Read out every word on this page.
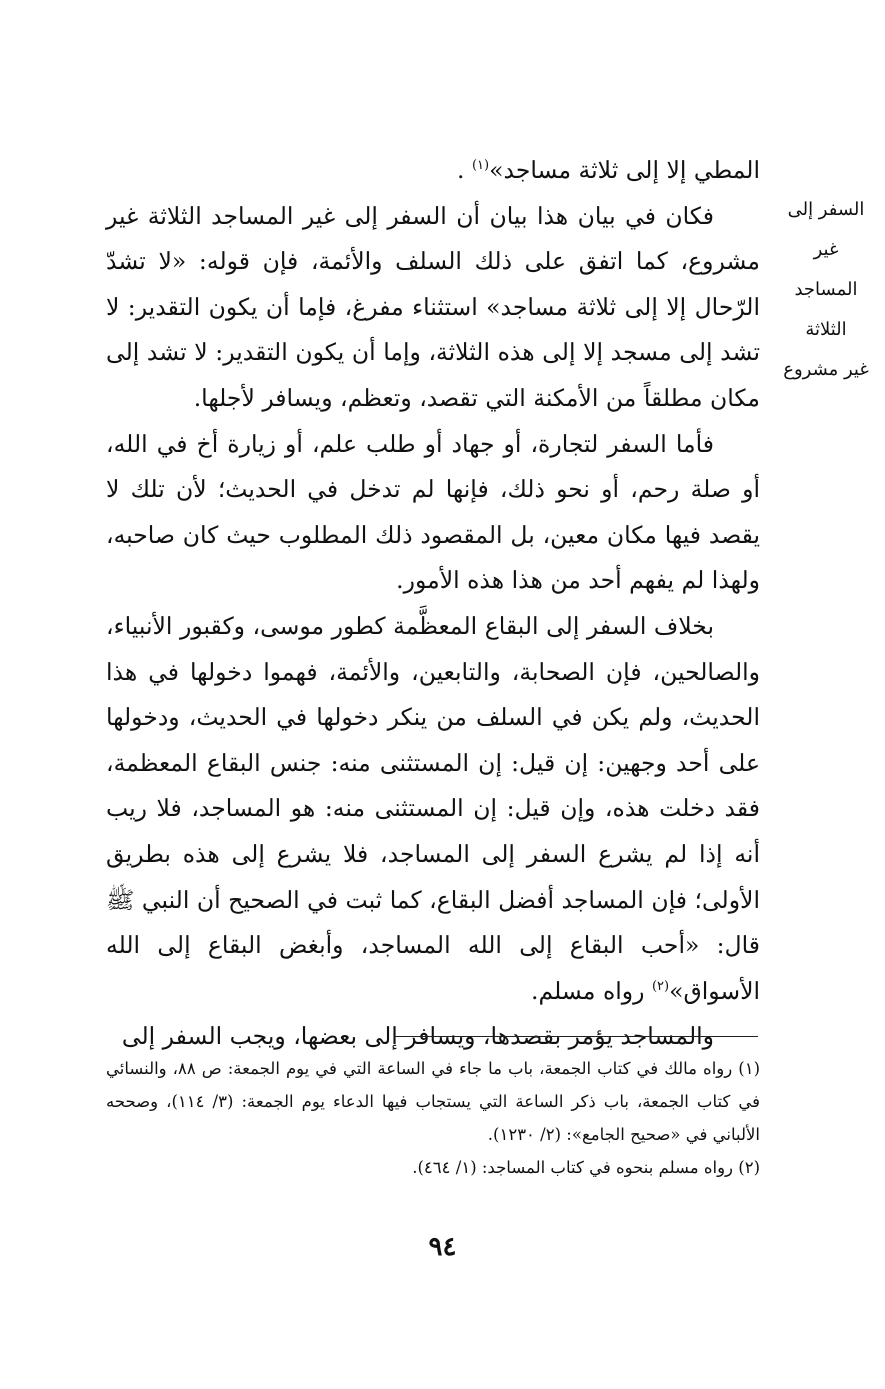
السفر إلى غير
المساجد الثلاثة
غير مشروع

المطي إلا إلى ثلاثة مساجد»$^{(١)}$ .

فكان في بيان هذا بيان أن السفر إلى غير المساجد الثلاثة غير مشروع، كما اتفق على ذلك السلف والأئمة، فإن قوله: «لا تشدّ الرّحال إلا إلى ثلاثة مساجد» استثناء مفرغ، فإما أن يكون التقدير: لا تشد إلى مسجد إلا إلى هذه الثلاثة، وإما أن يكون التقدير: لا تشد إلى مكان مطلقاً من الأمكنة التي تقصد، وتعظم، ويسافر لأجلها.

فأما السفر لتجارة، أو جهاد أو طلب علم، أو زيارة أخ في الله، أو صلة رحم، أو نحو ذلك، فإنها لم تدخل في الحديث؛ لأن تلك لا يقصد فيها مكان معين، بل المقصود ذلك المطلوب حيث كان صاحبه، ولهذا لم يفهم أحد من هذا هذه الأمور.

بخلاف السفر إلى البقاع المعظَّمة كطور موسى، وكقبور الأنبياء، والصالحين، فإن الصحابة، والتابعين، والأئمة، فهموا دخولها في هذا الحديث، ولم يكن في السلف من ينكر دخولها في الحديث، ودخولها على أحد وجهين: إن قيل: إن المستثنى منه: جنس البقاع المعظمة، فقد دخلت هذه، وإن قيل: إن المستثنى منه: هو المساجد، فلا ريب أنه إذا لم يشرع السفر إلى المساجد، فلا يشرع إلى هذه بطريق الأولى؛ فإن المساجد أفضل البقاع، كما ثبت في الصحيح أن النبي ﷺ قال: «أحب البقاع إلى الله المساجد، وأبغض البقاع إلى الله الأسواق»$^{(٢)}$ رواه مسلم.

والمساجد يؤمر بقصدها، ويسافر إلى بعضها، ويجب السفر إلى

(١) رواه مالك في كتاب الجمعة، باب ما جاء في الساعة التي في يوم الجمعة: ص ٨٨، والنسائي في كتاب الجمعة، باب ذكر الساعة التي يستجاب فيها الدعاء يوم الجمعة: (٣/ ١١٤)، وصححه الألباني في «صحيح الجامع»: (٢/ ١٢٣٠).

(٢) رواه مسلم بنحوه في كتاب المساجد: (١/ ٤٦٤).

٩٤
